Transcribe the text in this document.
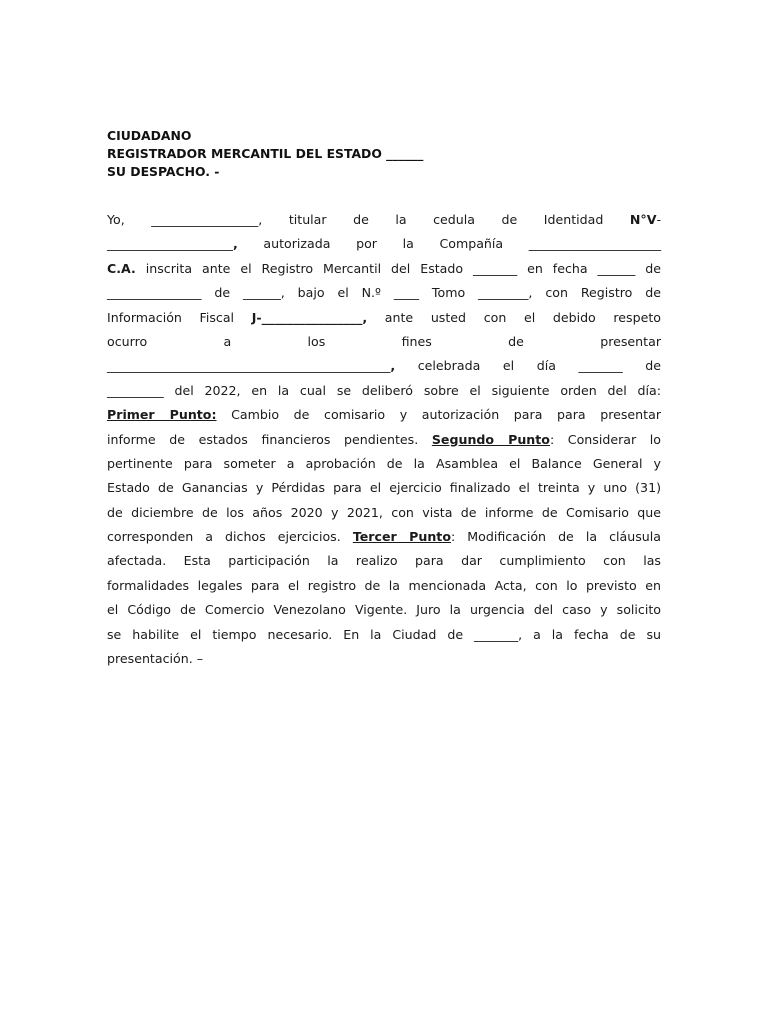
CIUDADANO
REGISTRADOR MERCANTIL DEL ESTADO ______
SU DESPACHO. -
Yo, _________________, titular de la cedula de Identidad N°V-
____________________, autorizada por la Compañía _____________________
C.A. inscrita ante el Registro Mercantil del Estado _______ en fecha ______ de
_______________ de ______, bajo el N.º ____ Tomo ________, con Registro de
Información Fiscal J-________________, ante usted con el debido respeto
ocurro a los fines de presentar
_____________________________________________, celebrada el día _______ de
_________ del 2022, en la cual se deliberó sobre el siguiente orden del día:
Primer Punto: Cambio de comisario y autorización para para presentar
informe de estados financieros pendientes. Segundo Punto: Considerar lo
pertinente para someter a aprobación de la Asamblea el Balance General y
Estado de Ganancias y Pérdidas para el ejercicio finalizado el treinta y uno (31)
de diciembre de los años 2020 y 2021, con vista de informe de Comisario que
corresponden a dichos ejercicios. Tercer Punto: Modificación de la cláusula
afectada. Esta participación la realizo para dar cumplimiento con las
formalidades legales para el registro de la mencionada Acta, con lo previsto en
el Código de Comercio Venezolano Vigente. Juro la urgencia del caso y solicito
se habilite el tiempo necesario. En la Ciudad de _______, a la fecha de su
presentación. –
